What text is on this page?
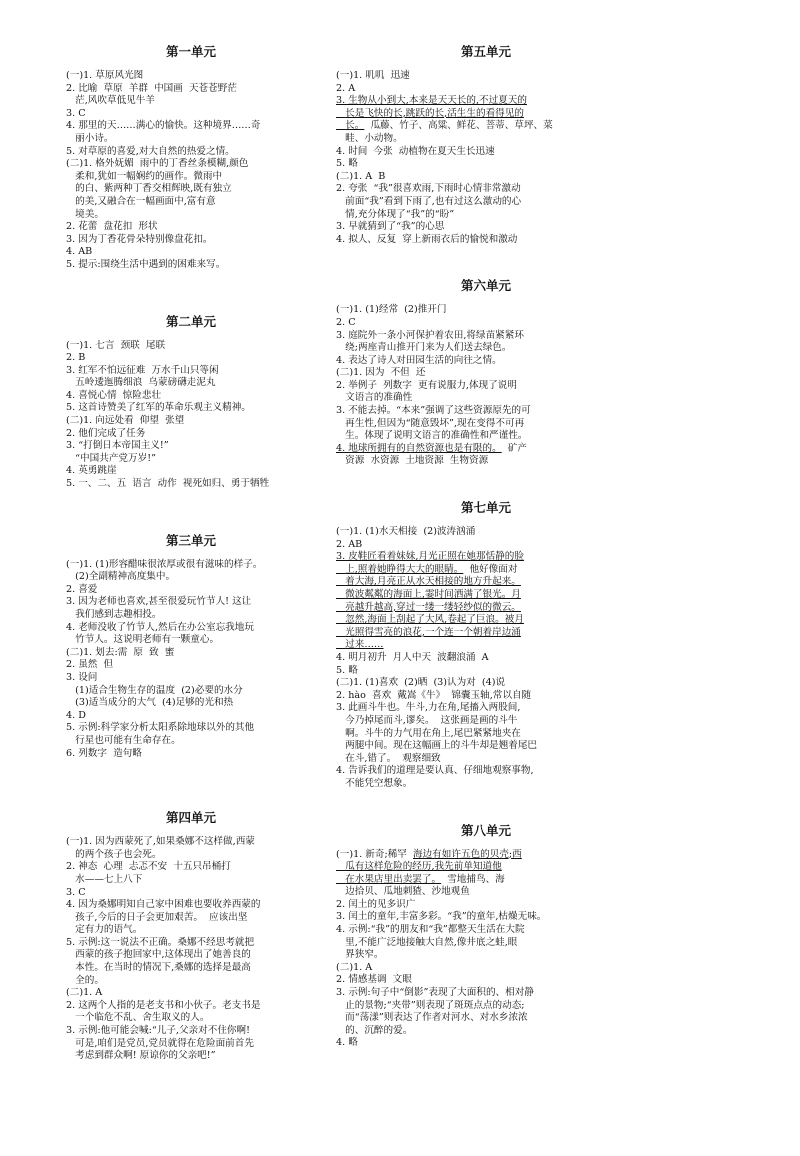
第一单元
(一)1. 草原风光图
2. 比喻  草原  羊群  中国画  天苍苍野茫
茫,风吹草低见牛羊
3. C
4. 那里的天……满心的愉快。这种境界……奇
丽小诗。
5. 对草原的喜爱,对大自然的热爱之情。
(二)1. 格外妩媚  雨中的丁香丝条模糊,颜色
柔和,犹如一幅娴约的画作。微雨中
的白、紫两种丁香交相辉映,既有独立
的美,又融合在一幅画面中,富有意
境美。
2. 花蕾  盘花扣  形状
3. 因为丁香花骨朵特别像盘花扣。
4. AB
5. 提示:围绕生活中遇到的困难来写。
第二单元
(一)1. 七言  颈联  尾联
2. B
3. 红军不怕远征难  万水千山只等闲
五岭逶迤腾细浪  乌蒙磅礴走泥丸
4. 喜悦心情  惊险悲壮
5. 这首诗赞美了红军的革命乐观主义精神。
(二)1. 向远处看  仰望  张望
2. 他们完成了任务
3. “打倒日本帝国主义!”
“中国共产党万岁!”
4. 英勇跳崖
5. 一、二、五  语言  动作  视死如归、勇于牺牲
第三单元
(一)1. (1)形容醋味很浓厚或很有滋味的样子。
(2)全副精神高度集中。
2. 喜爱
3. 因为老师也喜欢,甚至很爱玩竹节人! 这让
我们感到志趣相投。
4. 老师没收了竹节人,然后在办公室忘我地玩
竹节人。这说明老师有一颗童心。
(二)1. 划去:需  原  致  蜜
2. 虽然  但
3. 设问
(1)适合生物生存的温度  (2)必要的水分
(3)适当成分的大气  (4)足够的光和热
4. D
5. 示例:科学家分析太阳系除地球以外的其他
行星也可能有生命存在。
6. 列数字  造句略
第四单元
(一)1. 因为西蒙死了,如果桑娜不这样做,西蒙
的两个孩子也会死。
2. 神态  心理  忐忑不安  十五只吊桶打
水——七上八下
3. C
4. 因为桑娜明知自己家中困难也要收养西蒙的
孩子,今后的日子会更加艰苦。  应该出坚
定有力的语气。
5. 示例:这一说法不正确。桑娜不经思考就把
西蒙的孩子抱回家中,这体现出了她善良的
本性。在当时的情况下,桑娜的选择是最高
全的。
(二)1. A
2. 这两个人指的是老支书和小伙子。老支书是
一个临危不乱、舍生取义的人。
3. 示例:他可能会喊:“儿子,父亲对不住你啊!
可是,咱们是党员,党员就得在危险面前首先
考虑到群众啊! 原谅你的父亲吧!”
第五单元
(一)1. 叽叽  迅速
2. A
3. 生物从小到大,本来是天天长的,不过夏天的
长是飞快的长,跳跃的长,活生生的看得见的
长。  瓜藤、竹子、高粱、鲜花、菩蒂、草坪、菜
畦、小动物。
4. 时间  今张  动植物在夏天生长迅速
5. 略
(二)1. A  B
2. 夸张  “我”很喜欢雨,下雨时心情非常激动
前面“我”看到下雨了,也有过这么激动的心
情,充分体现了“我”的“盼”
3. 早就猜到了“我”的心思
4. 拟人、反复  穿上新雨衣后的愉悦和激动
第六单元
(一)1. (1)经常  (2)推开门
2. C
3. 庭院外一条小河保护着农田,将绿苗紧紧环
绕;两座青山推开门来为人们送去绿色。
4. 表达了诗人对田园生活的向往之情。
(二)1. 因为  不但  还
2. 举例子  列数字  更有说服力,体现了说明
文语言的准确性
3. 不能去掉。“本来”强调了这些资源原先的可
再生性,但因为“随意毁坏”,现在变得不可再
生。体现了说明文语言的准确性和严谨性。
4. 地球所拥有的自然资源也是有限的。  矿产
资源  水资源  土地资源  生物资源
第七单元
(一)1. (1)水天相接  (2)波涛汹涌
2. AB
3. 皮鞋匠看着妹妹,月光正照在她那恬静的脸
上,照着她睁得大大的眼睛。  他好像面对
着大海,月亮正从水天相接的地方升起来。
微波粼粼的海面上,霎时间洒满了银光。月
亮越升越高,穿过一缕一缕轻纱似的微云。
忽然,海面上刮起了大风,卷起了巨浪。被月
光照得雪亮的浪花,一个连一个朝着岸边涌
过来……
4. 明月初升  月人中天  波翻浪涌  A
5. 略
(二)1. (1)喜欢  (2)晒  (3)认为对  (4)说
2. hào  喜欢  戴嵩《牛》  锦囊玉轴,常以自随
3. 此画斗牛也。牛斗,力在角,尾搐入两股间,
今乃掉尾而斗,谬矣。  这张画是画的斗牛
啊。斗牛的力气用在角上,尾巴紧紧地夹在
两腿中间。现在这幅画上的斗牛却是翘着尾巴
在斗,错了。  观察细致
4. 告诉我们的道理是要认真、仔细地观察事物,
不能凭空想象。
第八单元
(一)1. 新奇;稀罕  海边有如许五色的贝壳;西
瓜有这样危险的经历,我先前单知道他
在水果店里出卖罢了。  雪地捕鸟、海
边拾贝、瓜地刺猹、沙地观鱼
2. 闰土的见多识广
3. 闰土的童年,丰富多彩。“我”的童年,枯燥无味。
4. 示例:“我”的朋友和“我”都整天生活在大院
里,不能广泛地接触大自然,像井底之蛙,眼
界狭窄。
(二)1. A
2. 情感基调  文眼
3. 示例:句子中“倒影”表现了大面积的、相对静
止的景物;“夹带”则表现了斑斑点点的动态;
而“荡漾”则表达了作者对河水、对水乡浓浓
的、沉醉的爱。
4. 略
